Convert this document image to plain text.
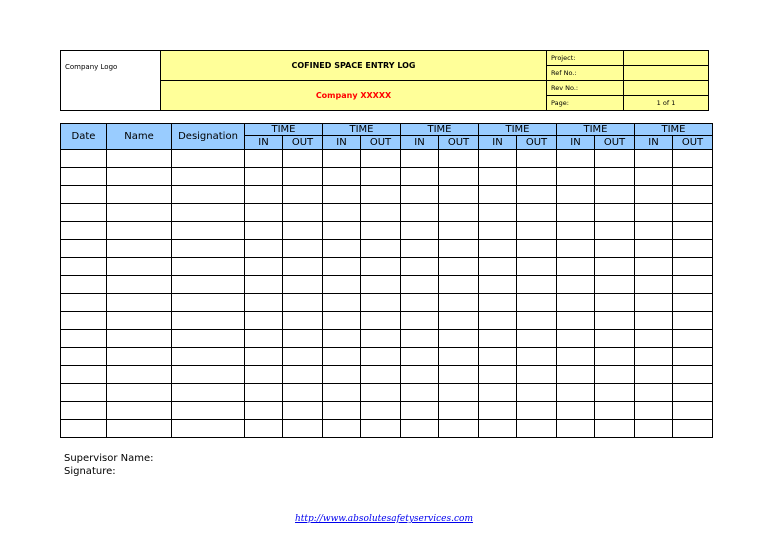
Company Logo	COFINED SPACE ENTRY LOG	Project:	
		Ref No.:	
	Company XXXXX	Rev No.:	
		Page:	1 of 1
Date	Name	Designation	TIME		TIME		TIME		TIME		TIME		TIME	
			IN	OUT	IN	OUT	IN	OUT	IN	OUT	IN	OUT	IN	OUT

Supervisor Name:
Signature:
http://www.absolutesafetyservices.com
